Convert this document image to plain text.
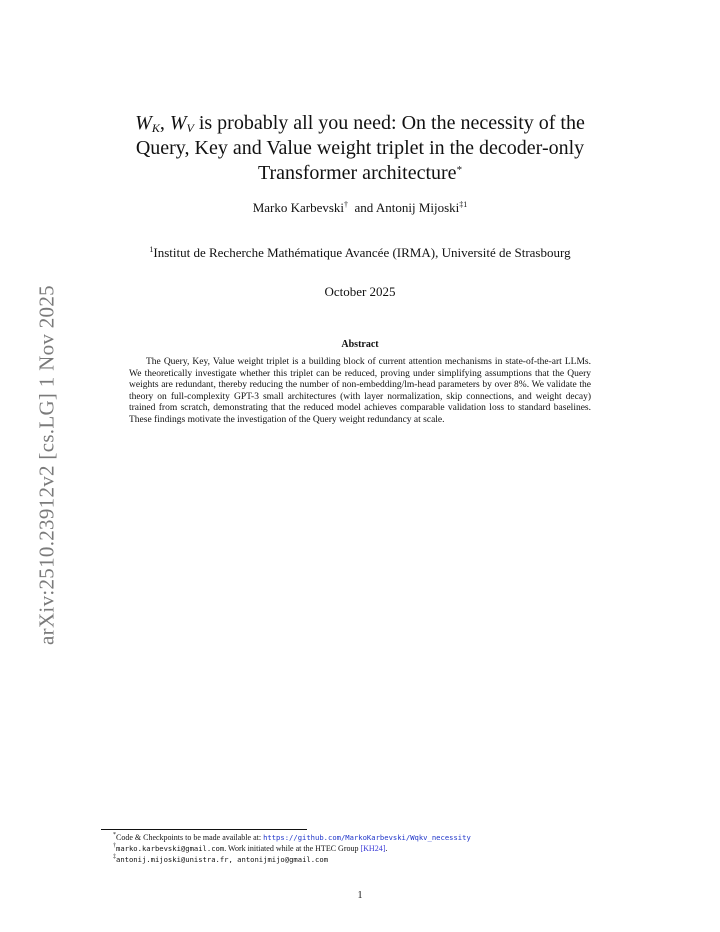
arXiv:2510.23912v2 [cs.LG] 1 Nov 2025
$W_K$, $W_V$ is probably all you need: On the necessity of the
Query, Key and Value weight triplet in the decoder-only
Transformer architecture*
Marko Karbevski† and Antonij Mijoski$^{\ddagger 1}$
$^1$Institut de Recherche Mathématique Avancée (IRMA), Université de Strasbourg
October 2025
Abstract

The Query, Key, Value weight triplet is a building block of current attention mechanisms in state-of-the-art LLMs. We theoretically investigate whether this triplet can be reduced, proving under simplifying assumptions that the Query weights are redundant, thereby reducing the number of non-embedding/lm-head parameters by over 8%. We validate the theory on full-complexity GPT-3 small architectures (with layer normalization, skip connections, and weight decay) trained from scratch, demonstrating that the reduced model achieves comparable validation loss to standard baselines. These findings motivate the investigation of the Query weight redundancy at scale.

*Code & Checkpoints to be made available at: https://github.com/MarkoKarbevski/Wqkv_necessity
†marko.karbevski@gmail.com. Work initiated while at the HTEC Group [KH24].
‡antonij.mijoski@unistra.fr, antonijmijo@gmail.com
1
